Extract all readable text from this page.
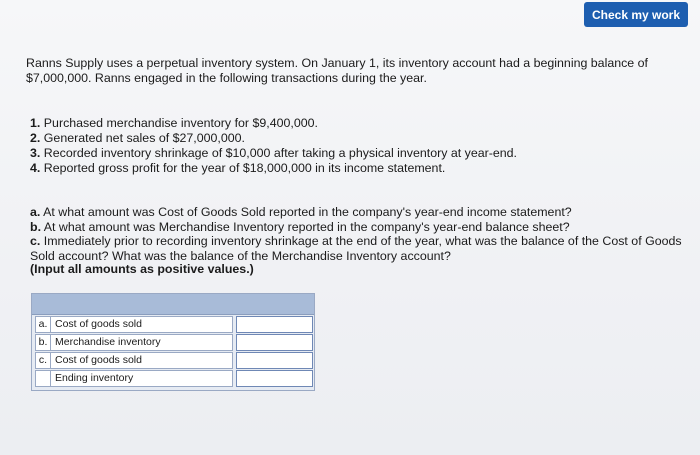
Check my work

Ranns Supply uses a perpetual inventory system. On January 1, its inventory account had a beginning balance of $7,000,000. Ranns engaged in the following transactions during the year.

1. Purchased merchandise inventory for $9,400,000.
2. Generated net sales of $27,000,000.
3. Recorded inventory shrinkage of $10,000 after taking a physical inventory at year-end.
4. Reported gross profit for the year of $18,000,000 in its income statement.
a. At what amount was Cost of Goods Sold reported in the company's year-end income statement?
b. At what amount was Merchandise Inventory reported in the company's year-end balance sheet?
c. Immediately prior to recording inventory shrinkage at the end of the year, what was the balance of the Cost of Goods Sold account? What was the balance of the Merchandise Inventory account?

(Input all amounts as positive values.)

a. Cost of goods sold
b. Merchandise inventory
c. Cost of goods sold
Ending inventory
